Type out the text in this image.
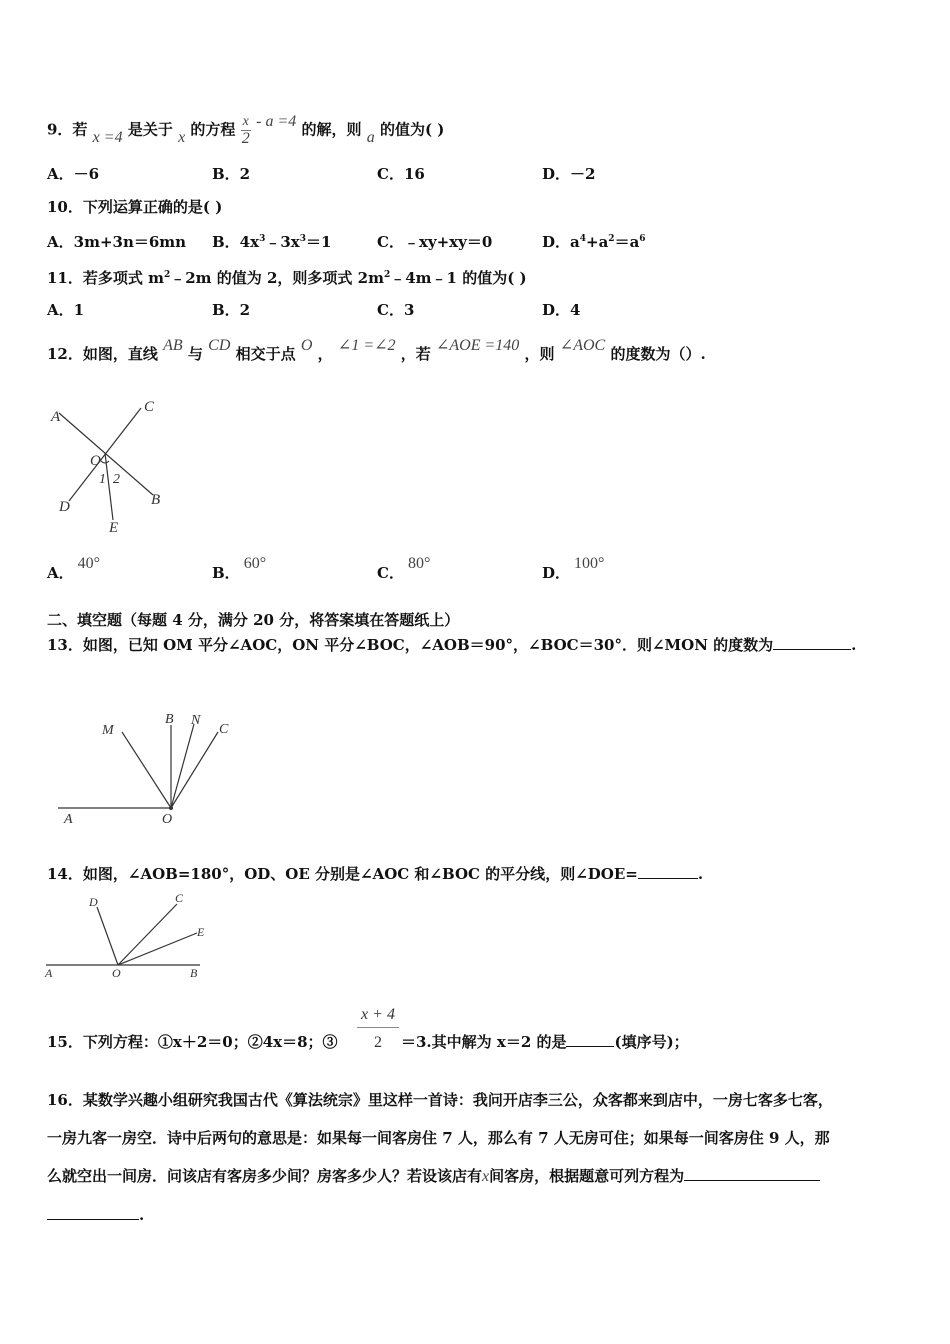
9．若 x =4 是关于 x 的方程 $\frac{x}{2} - a =4$ 的解，则 a 的值为( )
A．－6	B．2	C．16	D．－2
10．下列运算正确的是( )
A．3m+3n＝6mn B．$4x^3﹣3x^3=1$	C．﹣xy+xy＝0	D．$a^4+a^2=a^6$
11．若多项式 $m^2﹣2m$ 的值为 2，则多项式 $2m^2﹣4m﹣1$ 的值为( )
A．1	B．2	C．3	D．4
12．如图，直线 AB 与 CD 相交于点 O ， ∠1 =∠2 ，若 ∠AOE =140 ，则 ∠AOC 的度数为（）.
A
C
O
1 2
D	B
E
A．40°
B．60°
C．80°
D．100°
二、填空题（每题 4 分，满分 20 分，将答案填在答题纸上）
13．如图，已知 OM 平分∠AOC，ON 平分∠BOC，∠AOB＝90°，∠BOC＝30°．则∠MON 的度数为	.
M
B N
C
A	O
14．如图，∠AOB=180°，OD、OE 分别是∠AOC 和∠BOC 的平分线，则∠DOE=	.
D	C
E
A	O	B
15．下列方程：①x＋2＝0；②4x＝8；③
x + 4
2	＝3.其中解为 x＝2 的是	(填序号)；
16．某数学兴趣小组研究我国古代《算法统宗》里这样一首诗：我问开店李三公，众客都来到店中，一房七客多七客，
一房九客一房空．诗中后两句的意思是：如果每一间客房住 7 人，那么有 7 人无房可住；如果每一间客房住 9 人，那
么就空出一间房．问该店有客房多少间？房客多少人？若设该店有x间客房，根据题意可列方程为
.
